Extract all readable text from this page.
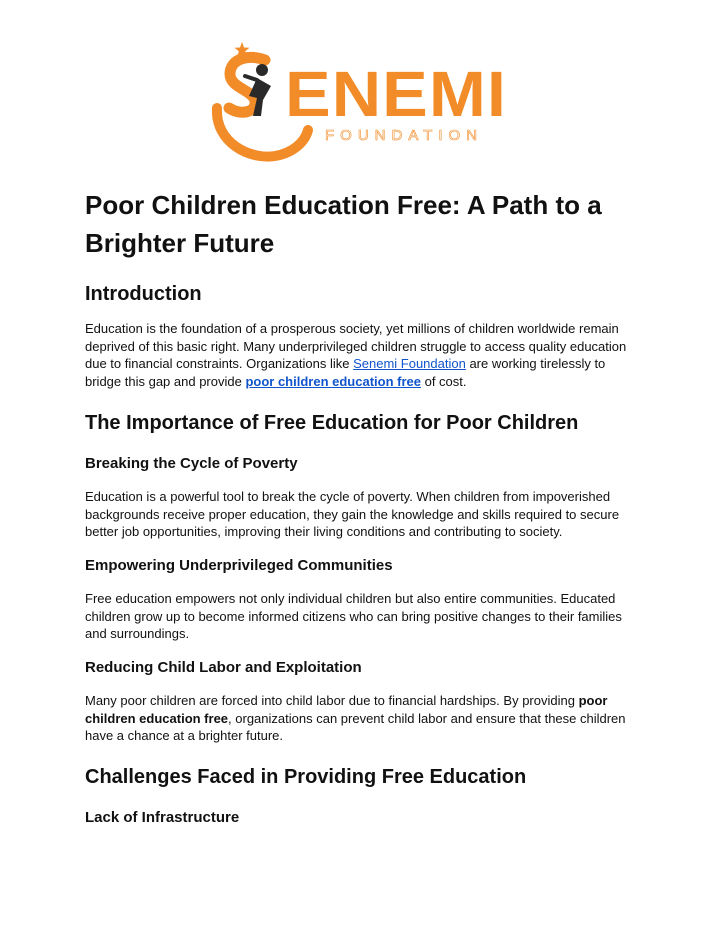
ENEMI
FOUNDATION
Poor Children Education Free: A Path to a Brighter Future
Introduction

Education is the foundation of a prosperous society, yet millions of children worldwide remain deprived of this basic right. Many underprivileged children struggle to access quality education due to financial constraints. Organizations like Senemi Foundation are working tirelessly to bridge this gap and provide poor children education free of cost.

The Importance of Free Education for Poor Children
Breaking the Cycle of Poverty

Education is a powerful tool to break the cycle of poverty. When children from impoverished backgrounds receive proper education, they gain the knowledge and skills required to secure better job opportunities, improving their living conditions and contributing to society.

Empowering Underprivileged Communities

Free education empowers not only individual children but also entire communities. Educated children grow up to become informed citizens who can bring positive changes to their families and surroundings.

Reducing Child Labor and Exploitation

Many poor children are forced into child labor due to financial hardships. By providing poor children education free, organizations can prevent child labor and ensure that these children have a chance at a brighter future.

Challenges Faced in Providing Free Education
Lack of Infrastructure
